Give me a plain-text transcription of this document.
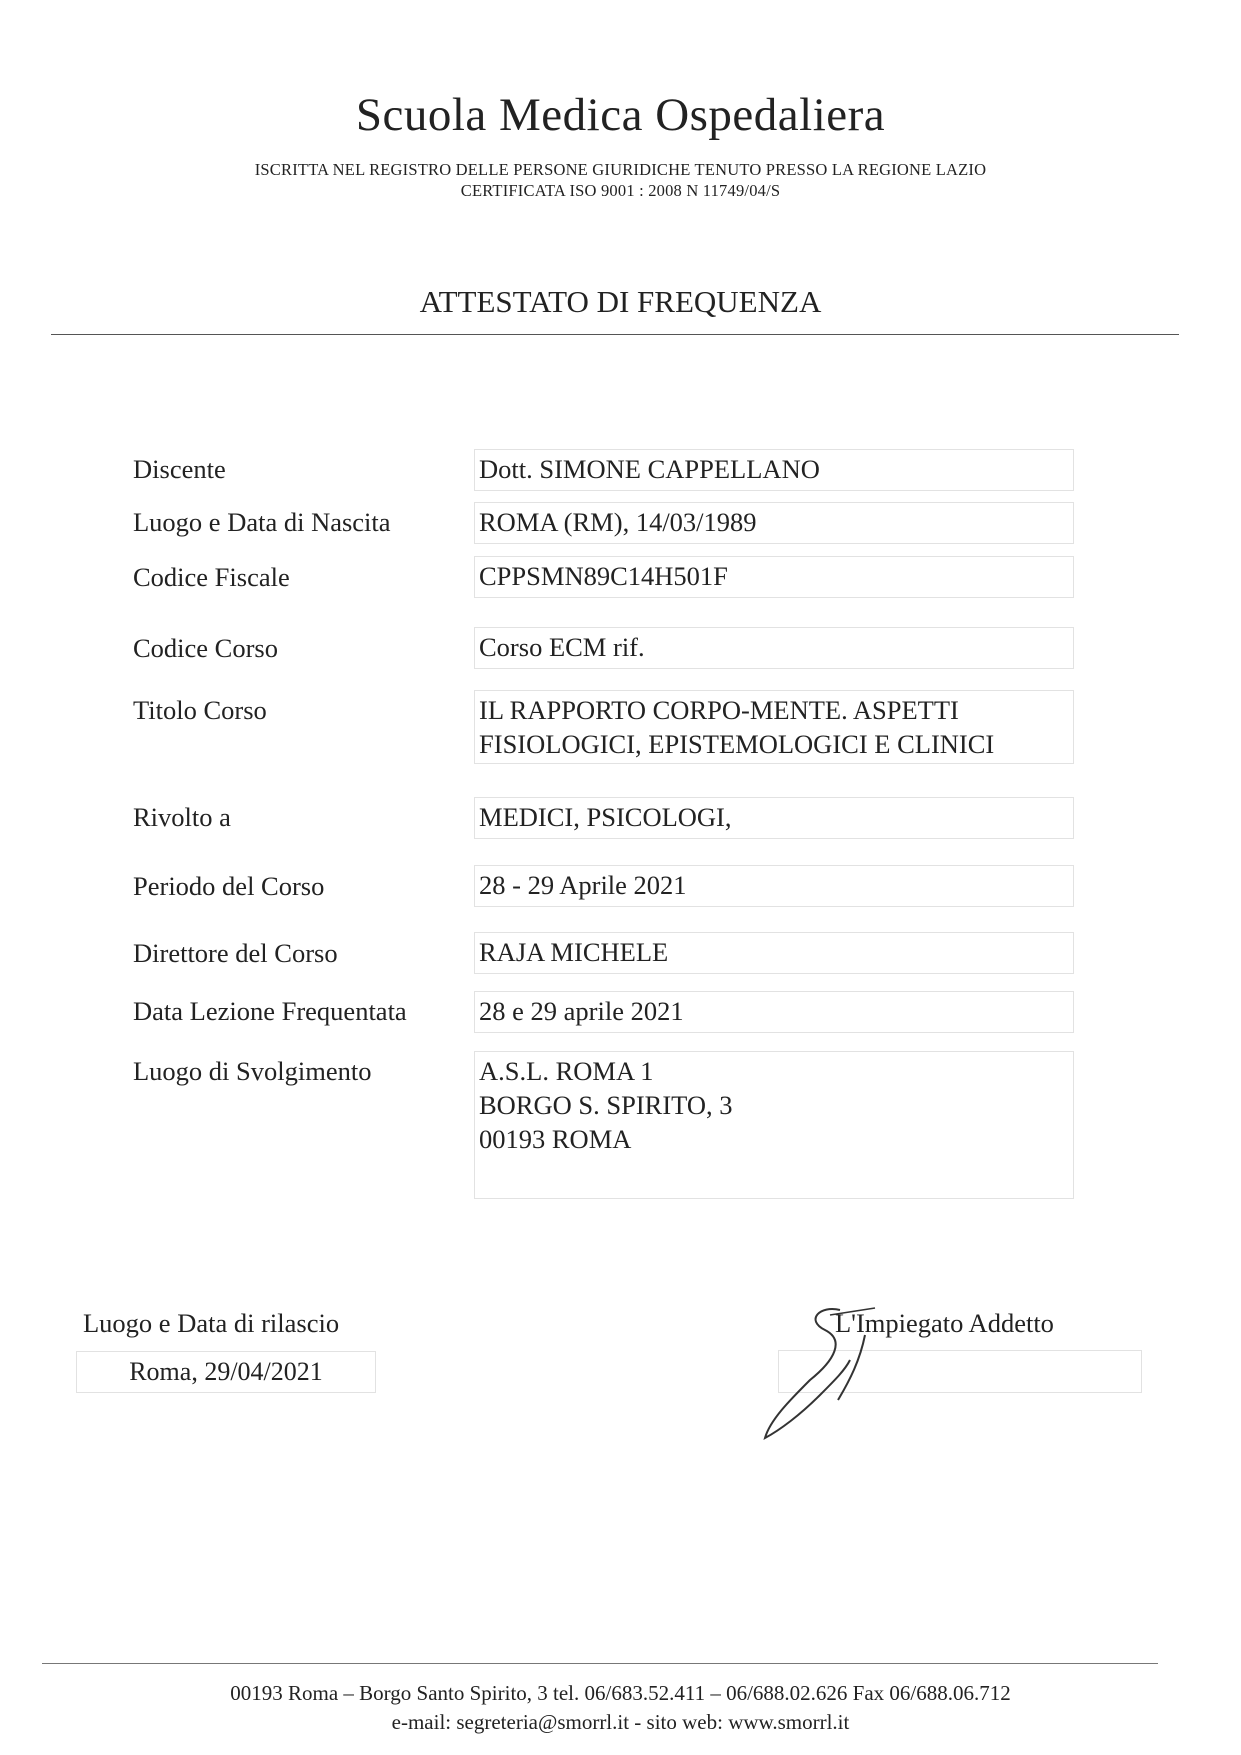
Scuola Medica Ospedaliera
ISCRITTA NEL REGISTRO DELLE PERSONE GIURIDICHE TENUTO PRESSO LA REGIONE LAZIO
CERTIFICATA ISO 9001 : 2008 N 11749/04/S
ATTESTATO DI FREQUENZA
Discente	Dott. SIMONE CAPPELLANO
Luogo e Data di Nascita	ROMA (RM), 14/03/1989
Codice Fiscale	CPPSMN89C14H501F
Codice Corso	Corso ECM rif.
Titolo Corso	IL RAPPORTO CORPO-MENTE. ASPETTI
FISIOLOGICI, EPISTEMOLOGICI E CLINICI
Rivolto a	MEDICI, PSICOLOGI,
Periodo del Corso	28 - 29 Aprile 2021
Direttore del Corso	RAJA MICHELE
Data Lezione Frequentata	28 e 29 aprile 2021
Luogo di Svolgimento	A.S.L. ROMA 1
BORGO S. SPIRITO, 3
00193 ROMA
Luogo e Data di rilascio
Roma, 29/04/2021
L'Impiegato Addetto
00193 Roma – Borgo Santo Spirito, 3 tel. 06/683.52.411 – 06/688.02.626 Fax 06/688.06.712
e-mail: segreteria@smorrl.it - sito web: www.smorrl.it
